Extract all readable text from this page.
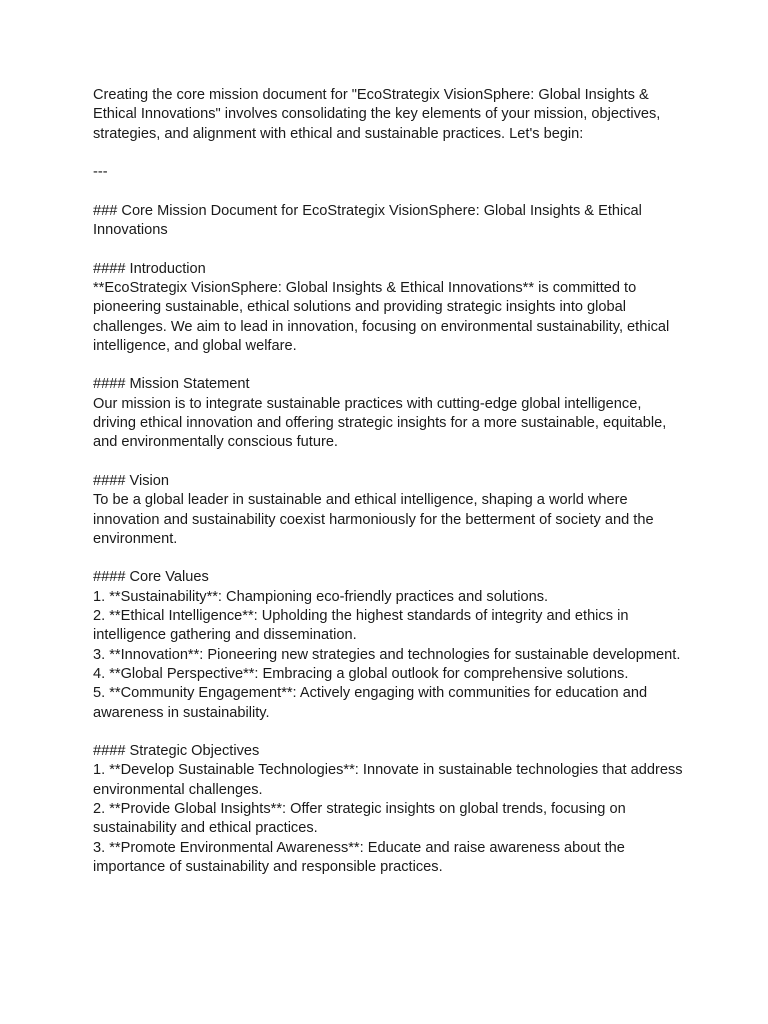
Creating the core mission document for "EcoStrategix VisionSphere: Global Insights & Ethical Innovations" involves consolidating the key elements of your mission, objectives, strategies, and alignment with ethical and sustainable practices. Let's begin:

---

### Core Mission Document for EcoStrategix VisionSphere: Global Insights & Ethical Innovations

#### Introduction
**EcoStrategix VisionSphere: Global Insights & Ethical Innovations** is committed to pioneering sustainable, ethical solutions and providing strategic insights into global challenges. We aim to lead in innovation, focusing on environmental sustainability, ethical intelligence, and global welfare.
#### Mission Statement
Our mission is to integrate sustainable practices with cutting-edge global intelligence, driving ethical innovation and offering strategic insights for a more sustainable, equitable, and environmentally conscious future.
#### Vision
To be a global leader in sustainable and ethical intelligence, shaping a world where innovation and sustainability coexist harmoniously for the betterment of society and the environment.
#### Core Values
1. **Sustainability**: Championing eco-friendly practices and solutions.
2. **Ethical Intelligence**: Upholding the highest standards of integrity and ethics in intelligence gathering and dissemination.
3. **Innovation**: Pioneering new strategies and technologies for sustainable development.
4. **Global Perspective**: Embracing a global outlook for comprehensive solutions.
5. **Community Engagement**: Actively engaging with communities for education and awareness in sustainability.
#### Strategic Objectives
1. **Develop Sustainable Technologies**: Innovate in sustainable technologies that address environmental challenges.
2. **Provide Global Insights**: Offer strategic insights on global trends, focusing on sustainability and ethical practices.
3. **Promote Environmental Awareness**: Educate and raise awareness about the importance of sustainability and responsible practices.
